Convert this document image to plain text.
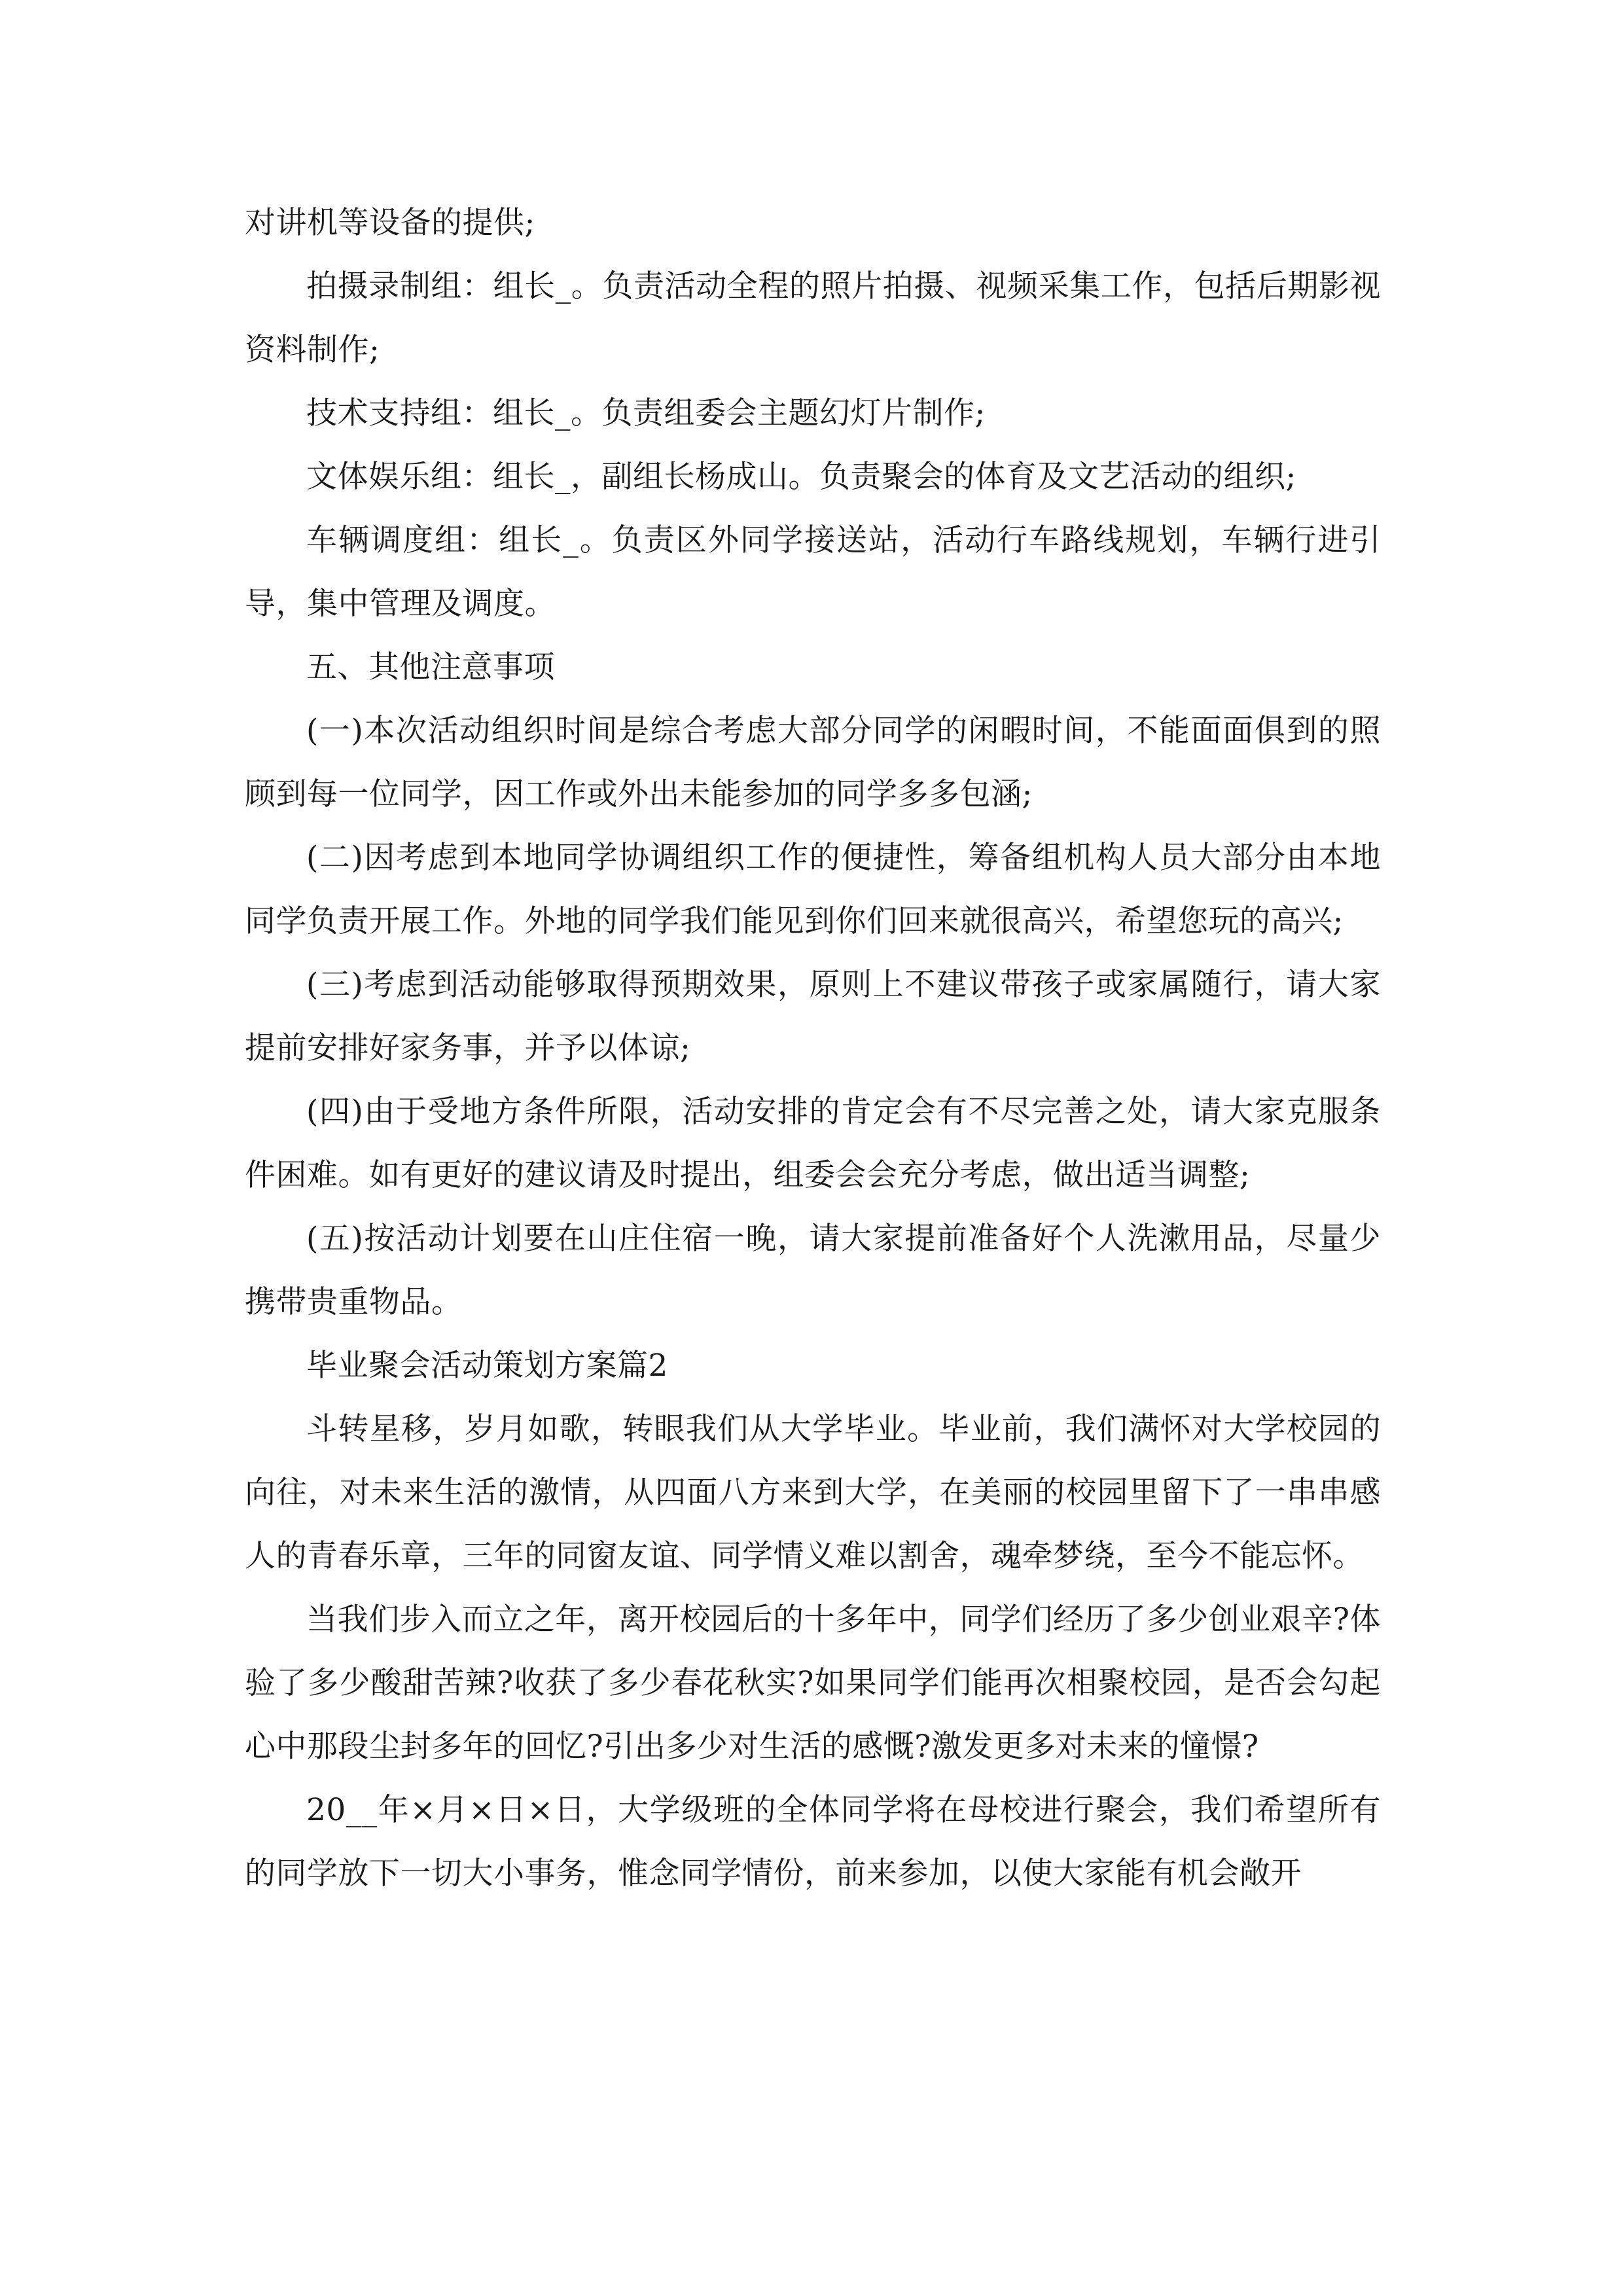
对讲机等设备的提供;

拍摄录制组：组长_。负责活动全程的照片拍摄、视频采集工作，包括后期影视资料制作;

技术支持组：组长_。负责组委会主题幻灯片制作;

文体娱乐组：组长_，副组长杨成山。负责聚会的体育及文艺活动的组织;

车辆调度组：组长_。负责区外同学接送站，活动行车路线规划，车辆行进引导，集中管理及调度。

五、其他注意事项

(一)本次活动组织时间是综合考虑大部分同学的闲暇时间，不能面面俱到的照顾到每一位同学，因工作或外出未能参加的同学多多包涵;

(二)因考虑到本地同学协调组织工作的便捷性，筹备组机构人员大部分由本地同学负责开展工作。外地的同学我们能见到你们回来就很高兴，希望您玩的高兴;

(三)考虑到活动能够取得预期效果，原则上不建议带孩子或家属随行，请大家提前安排好家务事，并予以体谅;

(四)由于受地方条件所限，活动安排的肯定会有不尽完善之处，请大家克服条件困难。如有更好的建议请及时提出，组委会会充分考虑，做出适当调整;

(五)按活动计划要在山庄住宿一晚，请大家提前准备好个人洗漱用品，尽量少携带贵重物品。

毕业聚会活动策划方案篇2

斗转星移，岁月如歌，转眼我们从大学毕业。毕业前，我们满怀对大学校园的向往，对未来生活的激情，从四面八方来到大学，在美丽的校园里留下了一串串感人的青春乐章，三年的同窗友谊、同学情义难以割舍，魂牵梦绕，至今不能忘怀。

当我们步入而立之年，离开校园后的十多年中，同学们经历了多少创业艰辛?体验了多少酸甜苦辣?收获了多少春花秋实?如果同学们能再次相聚校园，是否会勾起心中那段尘封多年的回忆?引出多少对生活的感慨?激发更多对未来的憧憬?

20__年×月×日×日，大学级班的全体同学将在母校进行聚会，我们希望所有的同学放下一切大小事务，惟念同学情份，前来参加，以使大家能有机会敞开
